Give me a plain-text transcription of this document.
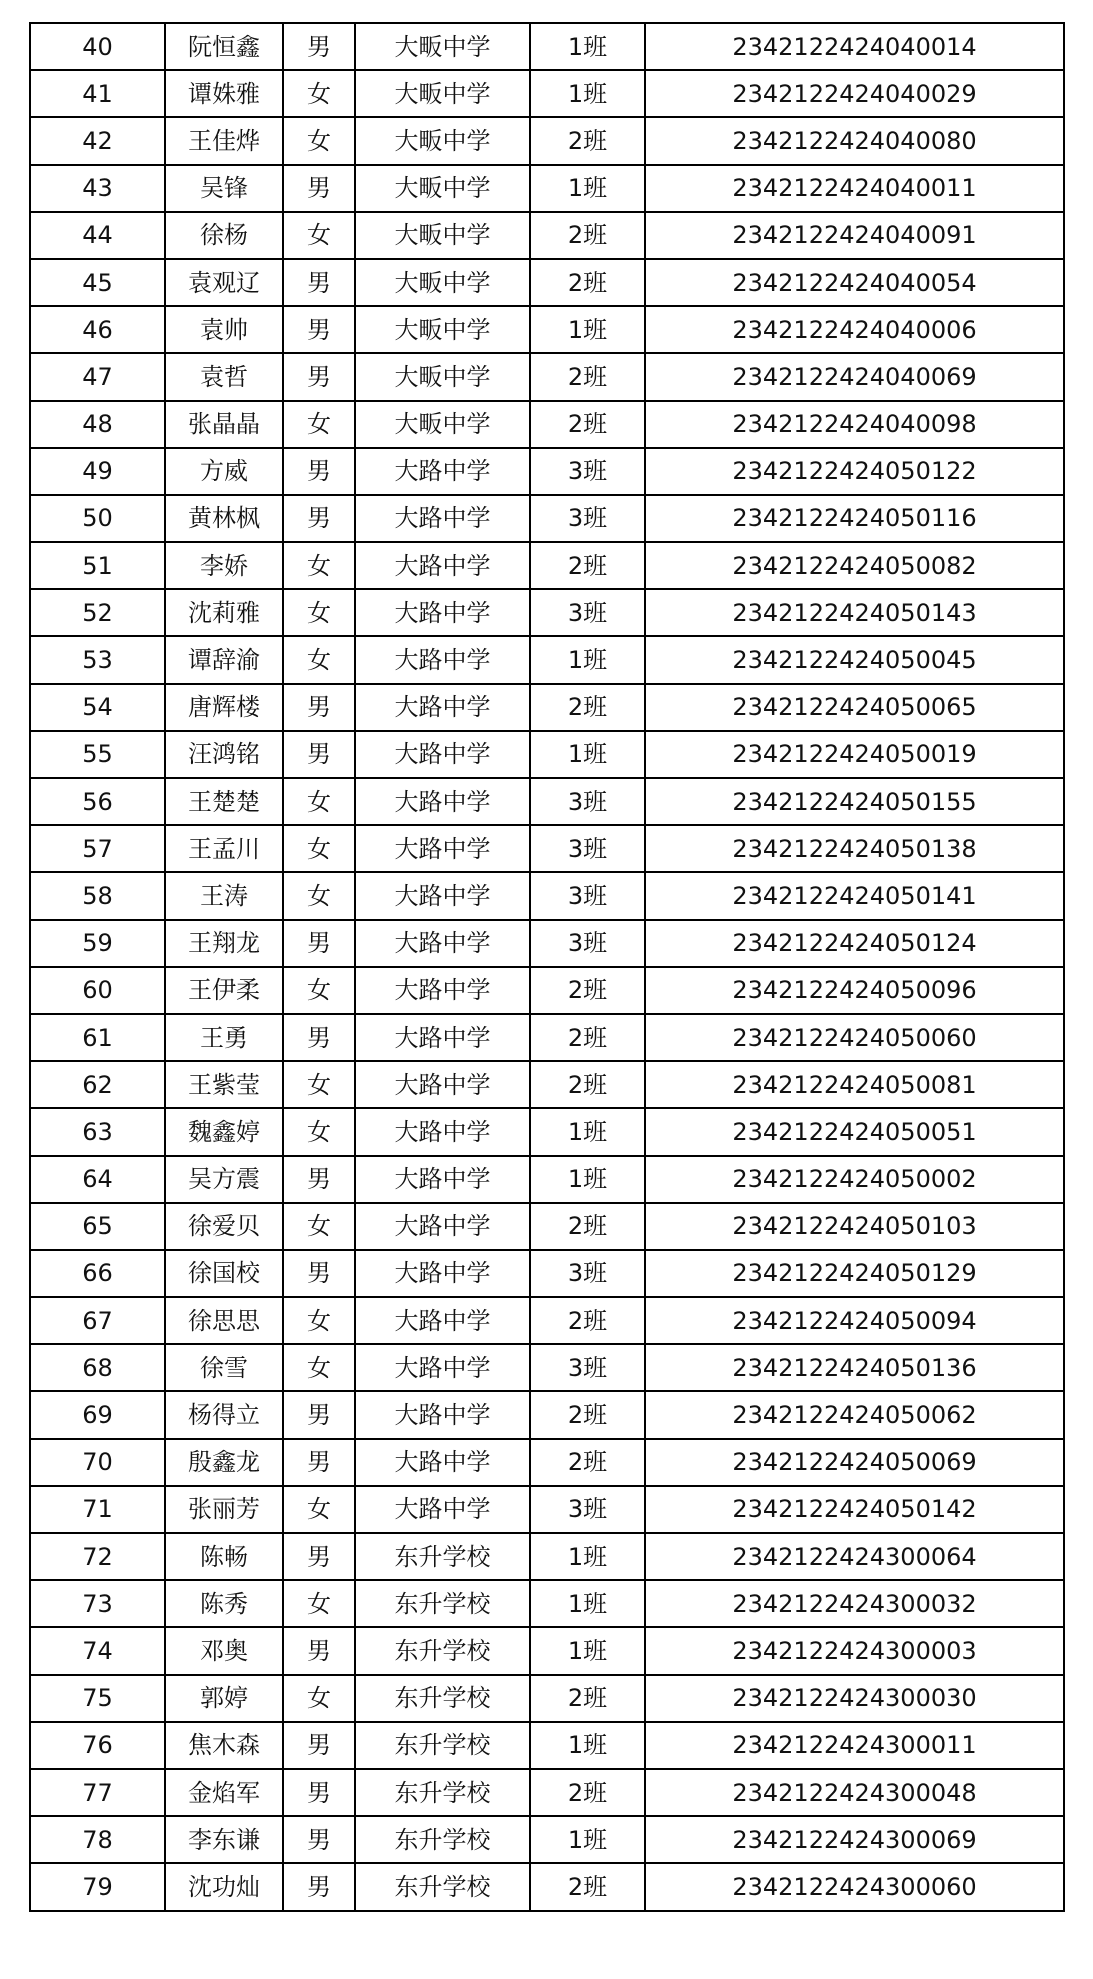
40	阮恒鑫	男	大畈中学	1班	2342122424040014
41	谭姝雅	女	大畈中学	1班	2342122424040029
42	王佳烨	女	大畈中学	2班	2342122424040080
43	吴锋	男	大畈中学	1班	2342122424040011
44	徐杨	女	大畈中学	2班	2342122424040091
45	袁观辽	男	大畈中学	2班	2342122424040054
46	袁帅	男	大畈中学	1班	2342122424040006
47	袁哲	男	大畈中学	2班	2342122424040069
48	张晶晶	女	大畈中学	2班	2342122424040098
49	方威	男	大路中学	3班	2342122424050122
50	黄林枫	男	大路中学	3班	2342122424050116
51	李娇	女	大路中学	2班	2342122424050082
52	沈莉雅	女	大路中学	3班	2342122424050143
53	谭辞渝	女	大路中学	1班	2342122424050045
54	唐辉楼	男	大路中学	2班	2342122424050065
55	汪鸿铭	男	大路中学	1班	2342122424050019
56	王楚楚	女	大路中学	3班	2342122424050155
57	王孟川	女	大路中学	3班	2342122424050138
58	王涛	女	大路中学	3班	2342122424050141
59	王翔龙	男	大路中学	3班	2342122424050124
60	王伊柔	女	大路中学	2班	2342122424050096
61	王勇	男	大路中学	2班	2342122424050060
62	王紫莹	女	大路中学	2班	2342122424050081
63	魏鑫婷	女	大路中学	1班	2342122424050051
64	吴方震	男	大路中学	1班	2342122424050002
65	徐爱贝	女	大路中学	2班	2342122424050103
66	徐国校	男	大路中学	3班	2342122424050129
67	徐思思	女	大路中学	2班	2342122424050094
68	徐雪	女	大路中学	3班	2342122424050136
69	杨得立	男	大路中学	2班	2342122424050062
70	殷鑫龙	男	大路中学	2班	2342122424050069
71	张丽芳	女	大路中学	3班	2342122424050142
72	陈畅	男	东升学校	1班	2342122424300064
73	陈秀	女	东升学校	1班	2342122424300032
74	邓奥	男	东升学校	1班	2342122424300003
75	郭婷	女	东升学校	2班	2342122424300030
76	焦木森	男	东升学校	1班	2342122424300011
77	金焰军	男	东升学校	2班	2342122424300048
78	李东谦	男	东升学校	1班	2342122424300069
79	沈功灿	男	东升学校	2班	2342122424300060
